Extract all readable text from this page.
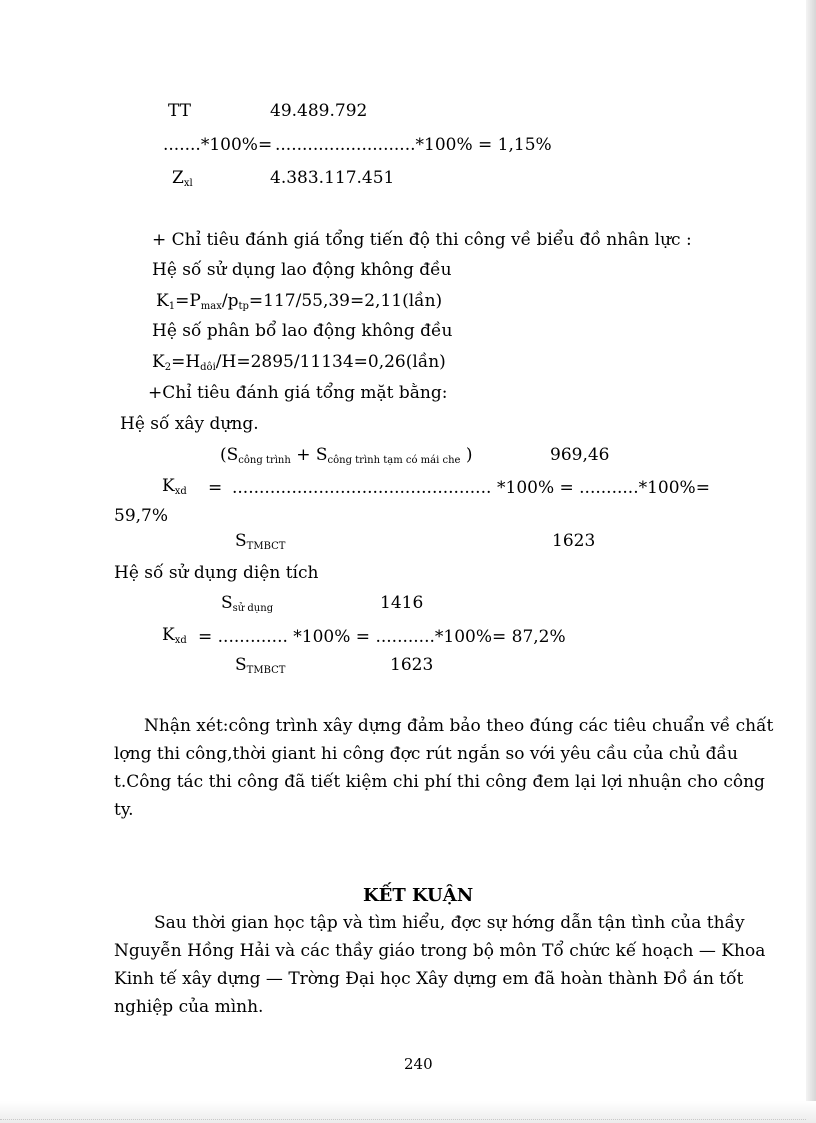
TT	49.489.792
.......*100% = ..........................*100% = 1,15%
$Z_{xl}$	4.383.117.451
+ Chỉ tiêu đánh giá tổng tiến độ thi công về biểu đồ nhân lực :
Hệ số sử dụng lao động không đều
$K_1=P_{max}/p_{tp}=117/55,39=2,11(lần)$
Hệ số phân bổ lao động không đều
$K_2=H_{dôi}/H=2895/11134=0,26(lần)$
+Chỉ tiêu đánh giá tổng mặt bằng:
Hệ số xây dựng.
($S_{công trình} + S_{công trình tạm có mái che}$ )	969,46
$K_{xd}$ = ................................................ *100% = ...........*100%=
59,7%
$S_{TMBCT}$	1623
Hệ số sử dụng diện tích
$S_{sử dụng}$	1416
$K_{xd}$ = ............. *100% = ...........*100%= 87,2%
$S_{TMBCT}$	1623
Nhận xét:công trình xây dựng đảm bảo theo đúng các tiêu chuẩn về chất
lợng thi công,thời giant hi công đợc rút ngắn so với yêu cầu của chủ đầu
t.Công tác thi công đã tiết kiệm chi phí thi công đem lại lợi nhuận cho công
ty.
KẾT KUẬN
Sau thời gian học tập và tìm hiểu, đợc sự hớng dẫn tận tình của thầy
Nguyễn Hồng Hải và các thầy giáo trong bộ môn Tổ chức kế hoạch — Khoa
Kinh tế xây dựng — Trờng Đại học Xây dựng em đã hoàn thành Đồ án tốt
nghiệp của mình.
240
